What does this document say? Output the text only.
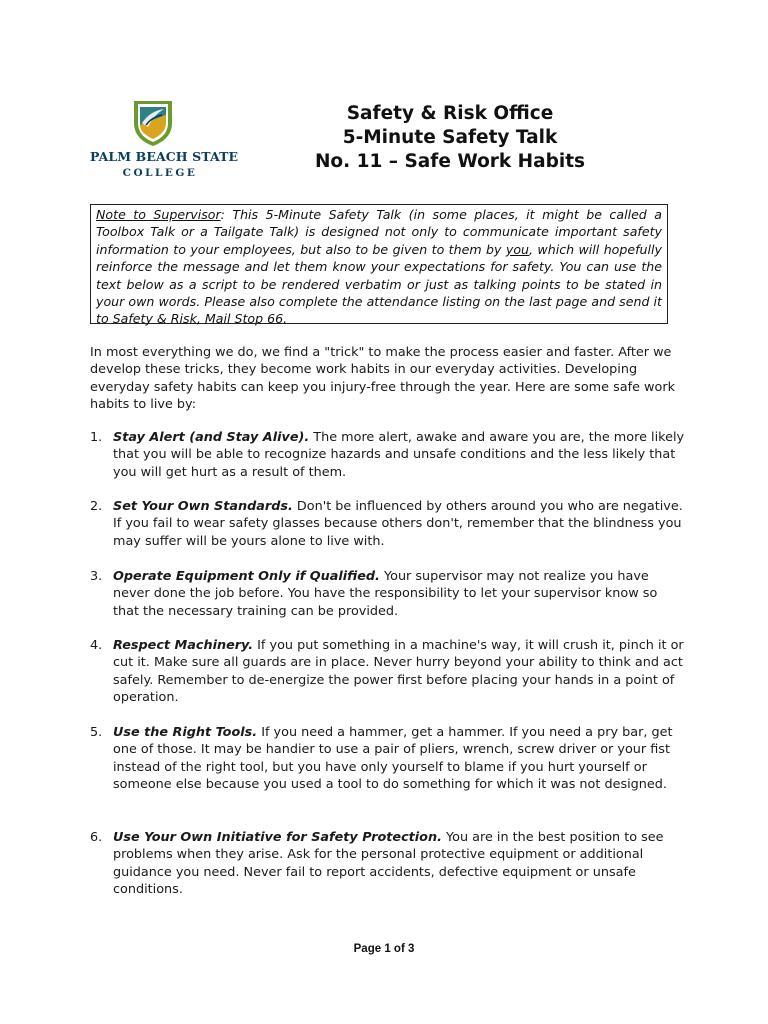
PALM BEACH STATE
COLLEGE
Safety & Risk Office
5-Minute Safety Talk
No. 11 – Safe Work Habits
Note to Supervisor: This 5-Minute Safety Talk (in some places, it might be called a Toolbox Talk or a Tailgate Talk) is designed not only to communicate important safety information to your employees, but also to be given to them by you, which will hopefully reinforce the message and let them know your expectations for safety. You can use the text below as a script to be rendered verbatim or just as talking points to be stated in your own words. Please also complete the attendance listing on the last page and send it to Safety & Risk, Mail Stop 66.
In most everything we do, we find a "trick" to make the process easier and faster. After we develop these tricks, they become work habits in our everyday activities. Developing everyday safety habits can keep you injury-free through the year. Here are some safe work habits to live by:
1. Stay Alert (and Stay Alive). The more alert, awake and aware you are, the more likely that you will be able to recognize hazards and unsafe conditions and the less likely that you will get hurt as a result of them.
2. Set Your Own Standards. Don't be influenced by others around you who are negative. If you fail to wear safety glasses because others don't, remember that the blindness you may suffer will be yours alone to live with.
3. Operate Equipment Only if Qualified. Your supervisor may not realize you have never done the job before. You have the responsibility to let your supervisor know so that the necessary training can be provided.
4. Respect Machinery. If you put something in a machine's way, it will crush it, pinch it or cut it. Make sure all guards are in place. Never hurry beyond your ability to think and act safely. Remember to de-energize the power first before placing your hands in a point of operation.
5. Use the Right Tools. If you need a hammer, get a hammer. If you need a pry bar, get one of those. It may be handier to use a pair of pliers, wrench, screw driver or your fist instead of the right tool, but you have only yourself to blame if you hurt yourself or someone else because you used a tool to do something for which it was not designed.
6. Use Your Own Initiative for Safety Protection. You are in the best position to see problems when they arise. Ask for the personal protective equipment or additional guidance you need. Never fail to report accidents, defective equipment or unsafe conditions.
Page 1 of 3
